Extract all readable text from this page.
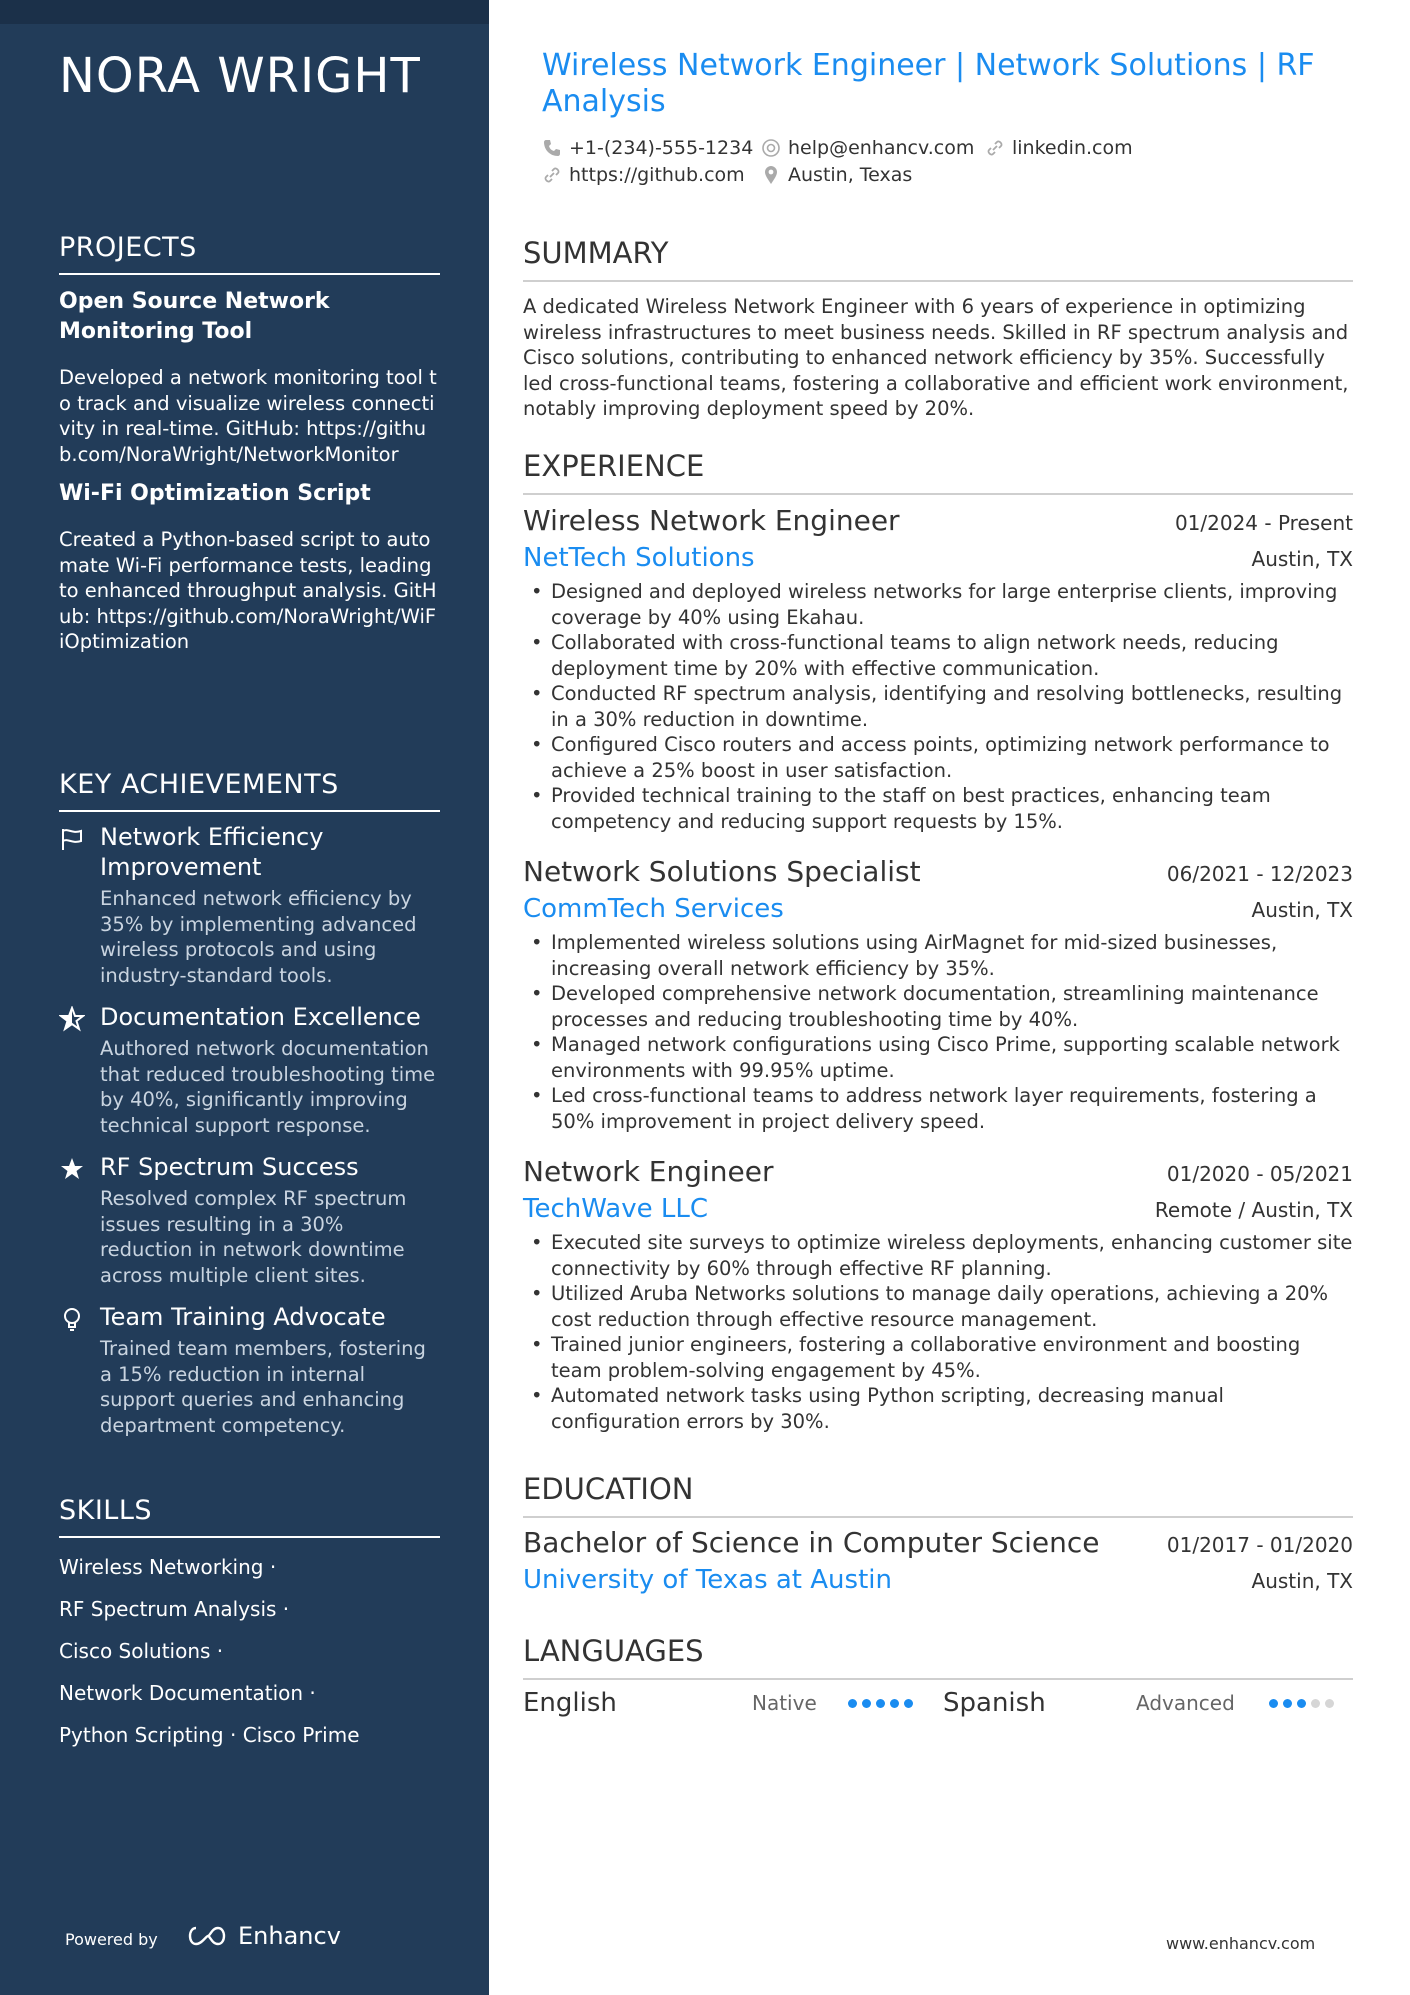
NORA WRIGHT
PROJECTS
Open Source Network Monitoring Tool
Developed a network monitoring tool to track and visualize wireless connectivity in real-time. GitHub: https://github.com/NoraWright/NetworkMonitor
Wi-Fi Optimization Script
Created a Python-based script to automate Wi-Fi performance tests, leading to enhanced throughput analysis. GitHub: https://github.com/NoraWright/WiFiOptimization
KEY ACHIEVEMENTS
Network Efficiency Improvement
Enhanced network efficiency by 35% by implementing advanced wireless protocols and using industry-standard tools.
Documentation Excellence
Authored network documentation that reduced troubleshooting time by 40%, significantly improving technical support response.
RF Spectrum Success
Resolved complex RF spectrum issues resulting in a 30% reduction in network downtime across multiple client sites.
Team Training Advocate
Trained team members, fostering a 15% reduction in internal support queries and enhancing department competency.
SKILLS
Wireless Networking ·
RF Spectrum Analysis ·
Cisco Solutions ·
Network Documentation ·
Python Scripting · Cisco Prime
Powered by	Enhancv
Wireless Network Engineer | Network Solutions | RF Analysis
+1-(234)-555-1234 help@enhancv.com linkedin.com
https://github.com Austin, Texas
SUMMARY
A dedicated Wireless Network Engineer with 6 years of experience in optimizing wireless infrastructures to meet business needs. Skilled in RF spectrum analysis and Cisco solutions, contributing to enhanced network efficiency by 35%. Successfully led cross-functional teams, fostering a collaborative and efficient work environment, notably improving deployment speed by 20%.
EXPERIENCE
Wireless Network Engineer	01/2024 - Present
NetTech Solutions	Austin, TX
• Designed and deployed wireless networks for large enterprise clients, improving coverage by 40% using Ekahau.
• Collaborated with cross-functional teams to align network needs, reducing deployment time by 20% with effective communication.
• Conducted RF spectrum analysis, identifying and resolving bottlenecks, resulting in a 30% reduction in downtime.
• Configured Cisco routers and access points, optimizing network performance to achieve a 25% boost in user satisfaction.
• Provided technical training to the staff on best practices, enhancing team competency and reducing support requests by 15%.
Network Solutions Specialist	06/2021 - 12/2023
CommTech Services	Austin, TX
• Implemented wireless solutions using AirMagnet for mid-sized businesses, increasing overall network efficiency by 35%.
• Developed comprehensive network documentation, streamlining maintenance processes and reducing troubleshooting time by 40%.
• Managed network configurations using Cisco Prime, supporting scalable network environments with 99.95% uptime.
• Led cross-functional teams to address network layer requirements, fostering a 50% improvement in project delivery speed.
Network Engineer	01/2020 - 05/2021
TechWave LLC	Remote / Austin, TX
• Executed site surveys to optimize wireless deployments, enhancing customer site connectivity by 60% through effective RF planning.
• Utilized Aruba Networks solutions to manage daily operations, achieving a 20% cost reduction through effective resource management.
• Trained junior engineers, fostering a collaborative environment and boosting team problem-solving engagement by 45%.
• Automated network tasks using Python scripting, decreasing manual configuration errors by 30%.
EDUCATION
Bachelor of Science in Computer Science	01/2017 - 01/2020
University of Texas at Austin	Austin, TX
LANGUAGES
English	Native	Spanish	Advanced
www.enhancv.com
